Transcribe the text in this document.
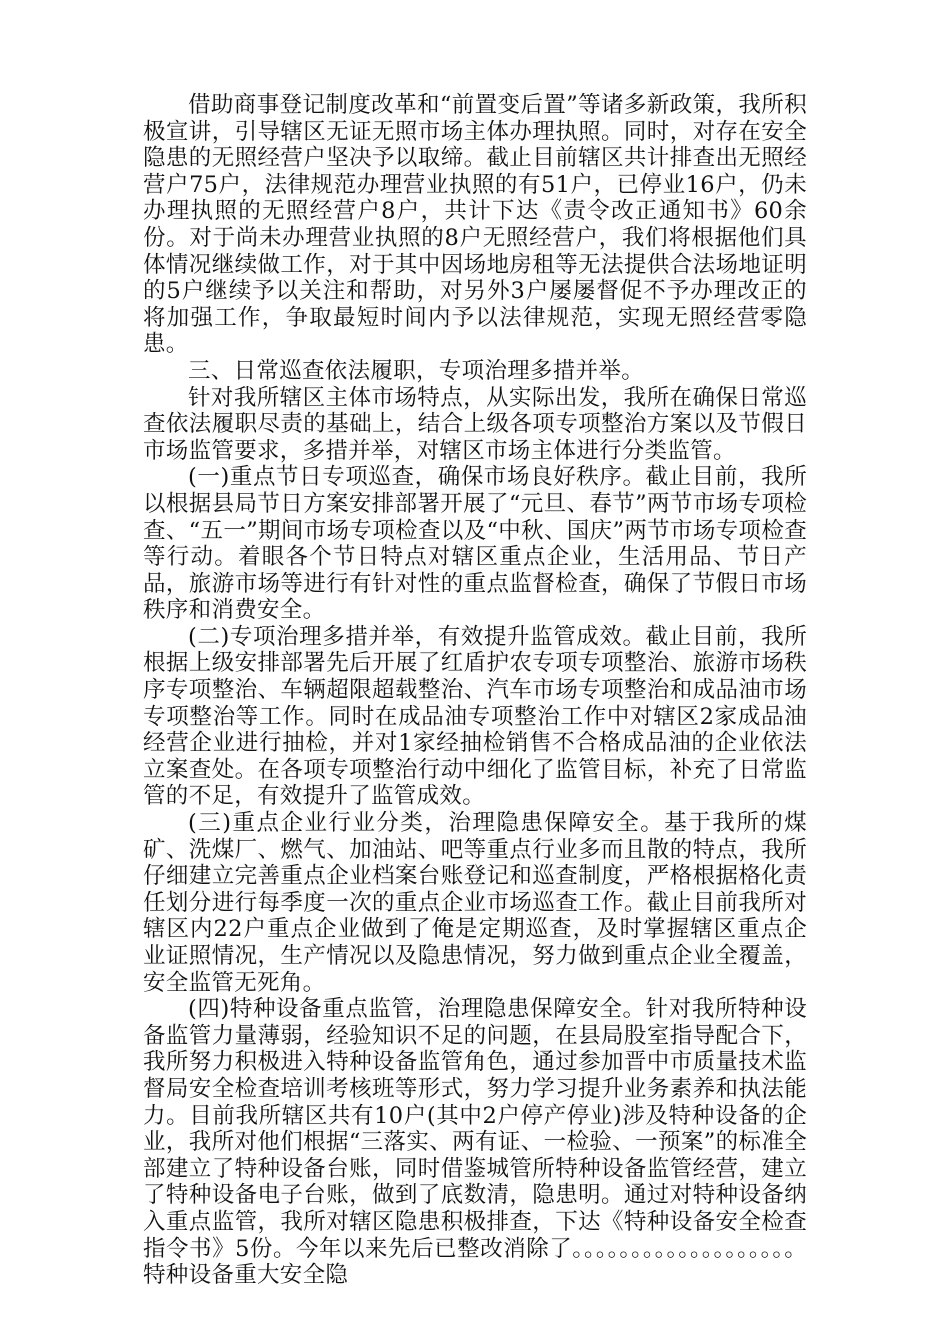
借助商事登记制度改革和“前置变后置”等诸多新政策，我所积极宣讲，引导辖区无证无照市场主体办理执照。同时，对存在安全隐患的无照经营户坚决予以取缔。截止目前辖区共计排查出无照经营户75户，法律规范办理营业执照的有51户，已停业16户，仍未办理执照的无照经营户8户，共计下达《责令改正通知书》60余份。对于尚未办理营业执照的8户无照经营户，我们将根据他们具体情况继续做工作，对于其中因场地房租等无法提供合法场地证明的5户继续予以关注和帮助，对另外3户屡屡督促不予办理改正的将加强工作，争取最短时间内予以法律规范，实现无照经营零隐患。

三、日常巡查依法履职，专项治理多措并举。

针对我所辖区主体市场特点，从实际出发，我所在确保日常巡查依法履职尽责的基础上，结合上级各项专项整治方案以及节假日市场监管要求，多措并举，对辖区市场主体进行分类监管。

(一)重点节日专项巡查，确保市场良好秩序。截止目前，我所以根据县局节日方案安排部署开展了“元旦、春节”两节市场专项检查、“五一”期间市场专项检查以及“中秋、国庆”两节市场专项检查等行动。着眼各个节日特点对辖区重点企业，生活用品、节日产品，旅游市场等进行有针对性的重点监督检查，确保了节假日市场秩序和消费安全。

(二)专项治理多措并举，有效提升监管成效。截止目前，我所根据上级安排部署先后开展了红盾护农专项专项整治、旅游市场秩序专项整治、车辆超限超载整治、汽车市场专项整治和成品油市场专项整治等工作。同时在成品油专项整治工作中对辖区2家成品油经营企业进行抽检，并对1家经抽检销售不合格成品油的企业依法立案查处。在各项专项整治行动中细化了监管目标，补充了日常监管的不足，有效提升了监管成效。

(三)重点企业行业分类，治理隐患保障安全。基于我所的煤矿、洗煤厂、燃气、加油站、吧等重点行业多而且散的特点，我所仔细建立完善重点企业档案台账登记和巡查制度，严格根据格化责任划分进行每季度一次的重点企业市场巡查工作。截止目前我所对辖区内22户重点企业做到了俺是定期巡查，及时掌握辖区重点企业证照情况，生产情况以及隐患情况，努力做到重点企业全覆盖，安全监管无死角。

(四)特种设备重点监管，治理隐患保障安全。针对我所特种设备监管力量薄弱，经验知识不足的问题，在县局股室指导配合下，我所努力积极进入特种设备监管角色，通过参加晋中市质量技术监督局安全检查培训考核班等形式，努力学习提升业务素养和执法能力。目前我所辖区共有10户(其中2户停产停业)涉及特种设备的企业，我所对他们根据“三落实、两有证、一检验、一预案”的标准全部建立了特种设备台账，同时借鉴城管所特种设备监管经营，建立了特种设备电子台账，做到了底数清，隐患明。通过对特种设备纳入重点监管，我所对辖区隐患积极排查，下达《特种设备安全检查指令书》5份。今年以来先后已整改消除了。。。。。。。。。。。。。。。。。。。特种设备重大安全隐
